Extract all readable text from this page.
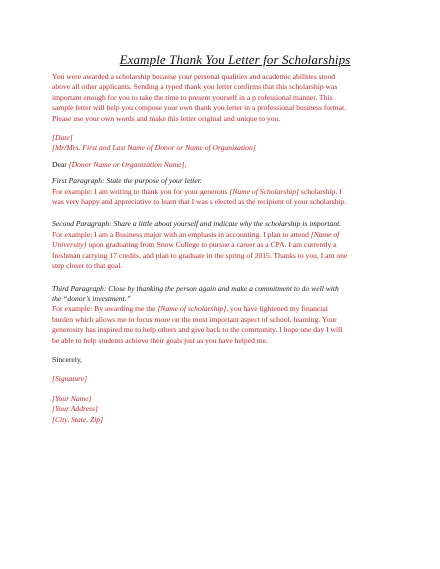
Example Thank You Letter for Scholarships
You were awarded a scholarship because your personal qualities and academic abilities stood
above all other applicants. Sending a typed thank you letter confirms that this scholarship was
important enough for you to take the time to present yourself in a p rofessional manner. This
sample letter will help you compose your own thank you letter in a professional business format.
Please use your own words and make this letter original and unique to you.

[Date]

[Mr/Mrs. First and Last Name of Donor or Name of Organization]

Dear [Donor Name or Organization Name],

First Paragraph: State the purpose of your letter.

For example: I am writing to thank you for your generous [Name of Scholarship] scholarship. I
was very happy and appreciative to learn that I was s elected as the recipient of your scholarship.

Second Paragraph: Share a little about yourself and indicate why the scholarship is important.

For example: I am a Business major with an emphasis in accounting. I plan to attend [Name of
University] upon graduating from Snow College to pursue a career as a CPA. I am currently a
freshman carrying 17 credits, and plan to graduate in the spring of 2015. Thanks to you, I am one
step closer to that goal.

Third Paragraph: Close by thanking the person again and make a commitment to do well with

the “donor’s investment.”

For example: By awarding me the [Name of scholarship], you have lightened my financial
burden which allows me to focus more on the most important aspect of school, learning. Your
generosity has inspired me to help others and give back to the community. I hope one day I will
be able to help students achieve their goals just as you have helped me.

Sincerely,

[Signature]

[Your Name]

[Your Address]

[City, State, Zip]
